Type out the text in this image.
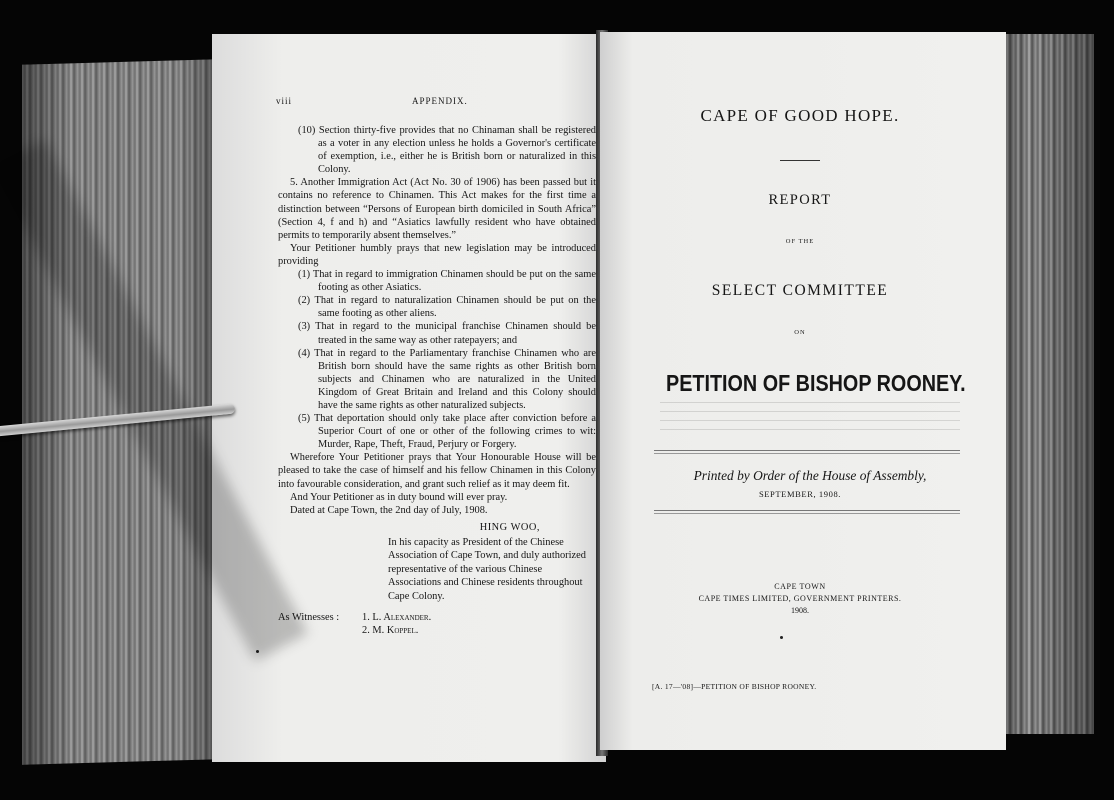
viii	APPENDIX.
(10) Section thirty-five provides that no Chinaman shall be registered as a voter in any election unless he holds a Governor's certificate of exemption, i.e., either he is British born or naturalized in this Colony.
5. Another Immigration Act (Act No. 30 of 1906) has been passed but it contains no reference to Chinamen. This Act makes for the first time a distinction between “Persons of European birth domiciled in South Africa” (Section 4, f and h) and “Asiatics lawfully resident who have obtained permits to temporarily absent themselves.”
Your Petitioner humbly prays that new legislation may be introduced providing
(1) That in regard to immigration Chinamen should be put on the same footing as other Asiatics.
(2) That in regard to naturalization Chinamen should be put on the same footing as other aliens.
(3) That in regard to the municipal franchise Chinamen should be treated in the same way as other ratepayers; and
(4) That in regard to the Parliamentary franchise Chinamen who are British born should have the same rights as other British born subjects and Chinamen who are naturalized in the United Kingdom of Great Britain and Ireland and this Colony should have the same rights as other naturalized subjects.
(5) That deportation should only take place after conviction before a Superior Court of one or other of the following crimes to wit: Murder, Rape, Theft, Fraud, Perjury or Forgery.
Wherefore Your Petitioner prays that Your Honourable House will be pleased to take the case of himself and his fellow Chinamen in this Colony into favourable consideration, and grant such relief as it may deem fit.
And Your Petitioner as in duty bound will ever pray.
Dated at Cape Town, the 2nd day of July, 1908.
HING WOO,
In his capacity as President of the Chinese Association of Cape Town, and duly authorized representative of the various Chinese Associations and Chinese residents throughout Cape Colony.
As Witnesses :	1. L. Alexander.
2. M. Koppel.
CAPE OF GOOD HOPE.
REPORT
OF THE
SELECT COMMITTEE
ON
PETITION OF BISHOP ROONEY.
Printed by Order of the House of Assembly,
SEPTEMBER, 1908.
CAPE TOWN
CAPE TIMES LIMITED, GOVERNMENT PRINTERS.
1908.
[A. 17—'08]—PETITION OF BISHOP ROONEY.
